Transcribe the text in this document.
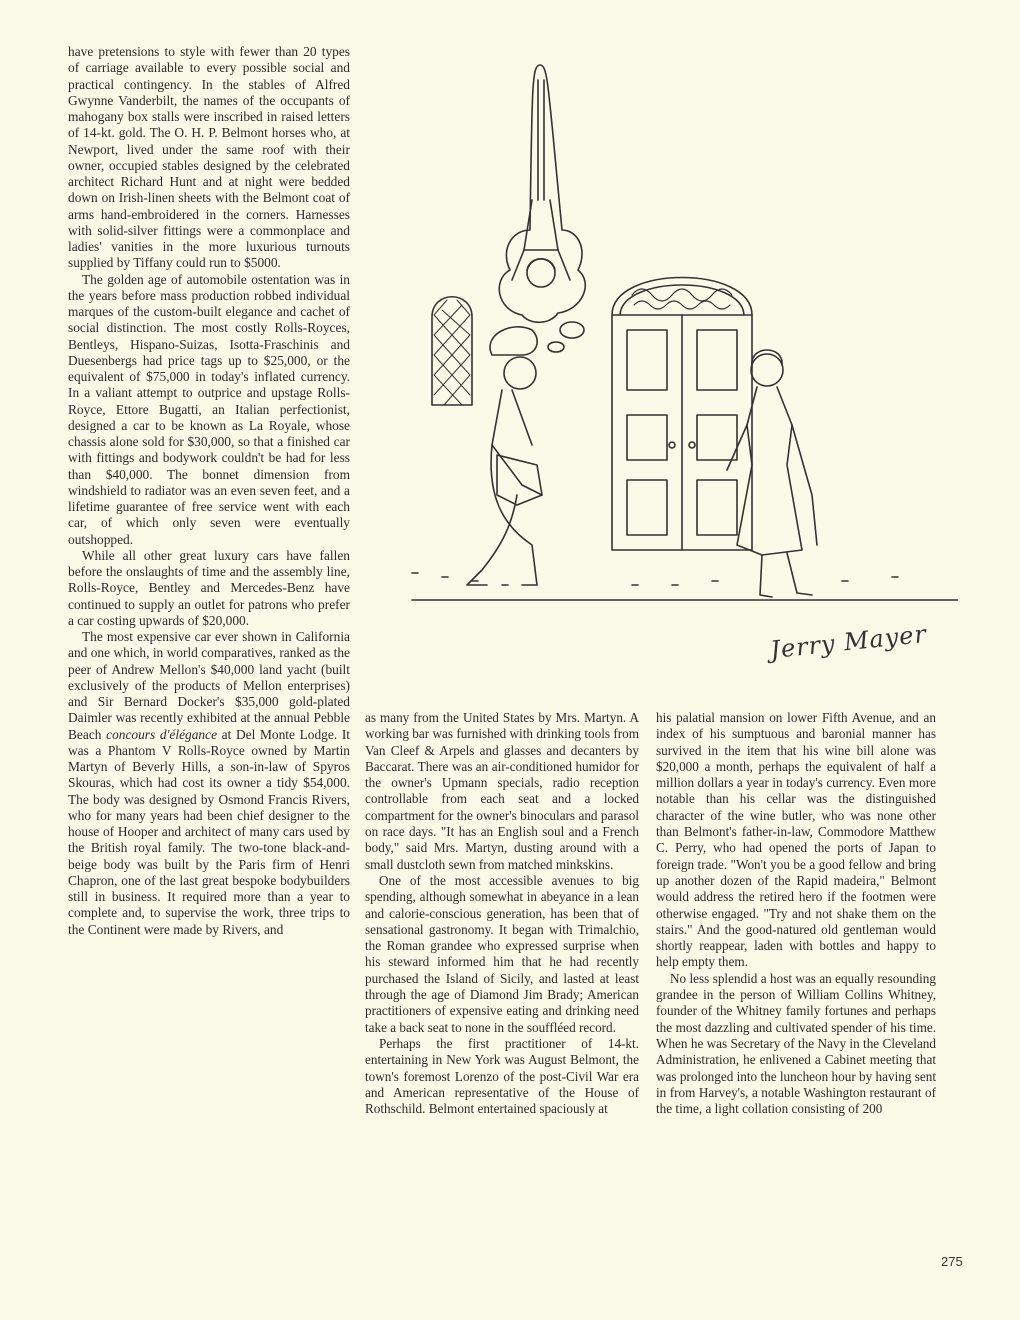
have pretensions to style with fewer than 20 types of carriage available to every possible social and practical contingency. In the stables of Alfred Gwynne Vanderbilt, the names of the occupants of mahogany box stalls were inscribed in raised letters of 14-kt. gold. The O. H. P. Belmont horses who, at Newport, lived under the same roof with their owner, occupied stables designed by the celebrated architect Richard Hunt and at night were bedded down on Irish-linen sheets with the Belmont coat of arms hand-embroidered in the corners. Harnesses with solid-silver fittings were a commonplace and ladies' vanities in the more luxurious turnouts supplied by Tiffany could run to $5000.

The golden age of automobile ostentation was in the years before mass production robbed individual marques of the custom-built elegance and cachet of social distinction. The most costly Rolls-Royces, Bentleys, Hispano-Suizas, Isotta-Fraschinis and Duesenbergs had price tags up to $25,000, or the equivalent of $75,000 in today's inflated currency. In a valiant attempt to outprice and upstage Rolls-Royce, Ettore Bugatti, an Italian perfectionist, designed a car to be known as La Royale, whose chassis alone sold for $30,000, so that a finished car with fittings and bodywork couldn't be had for less than $40,000. The bonnet dimension from windshield to radiator was an even seven feet, and a lifetime guarantee of free service went with each car, of which only seven were eventually outshopped.

While all other great luxury cars have fallen before the onslaughts of time and the assembly line, Rolls-Royce, Bentley and Mercedes-Benz have continued to supply an outlet for patrons who prefer a car costing upwards of $20,000.

The most expensive car ever shown in California and one which, in world comparatives, ranked as the peer of Andrew Mellon's $40,000 land yacht (built exclusively of the products of Mellon enterprises) and Sir Bernard Docker's $35,000 gold-plated Daimler was recently exhibited at the annual Pebble Beach concours d'élégance at Del Monte Lodge. It was a Phantom V Rolls-Royce owned by Martin Martyn of Beverly Hills, a son-in-law of Spyros Skouras, which had cost its owner a tidy $54,000. The body was designed by Osmond Francis Rivers, who for many years had been chief designer to the house of Hooper and architect of many cars used by the British royal family. The two-tone black-and-beige body was built by the Paris firm of Henri Chapron, one of the last great bespoke bodybuilders still in business. It required more than a year to complete and, to supervise the work, three trips to the Continent were made by Rivers, and

Jerry Mayer

as many from the United States by Mrs. Martyn. A working bar was furnished with drinking tools from Van Cleef & Arpels and glasses and decanters by Baccarat. There was an air-conditioned humidor for the owner's Upmann specials, radio reception controllable from each seat and a locked compartment for the owner's binoculars and parasol on race days. "It has an English soul and a French body," said Mrs. Martyn, dusting around with a small dustcloth sewn from matched minkskins.

One of the most accessible avenues to big spending, although somewhat in abeyance in a lean and calorie-conscious generation, has been that of sensational gastronomy. It began with Trimalchio, the Roman grandee who expressed surprise when his steward informed him that he had recently purchased the Island of Sicily, and lasted at least through the age of Diamond Jim Brady; American practitioners of expensive eating and drinking need take a back seat to none in the souffléed record.

Perhaps the first practitioner of 14-kt. entertaining in New York was August Belmont, the town's foremost Lorenzo of the post-Civil War era and American representative of the House of Rothschild. Belmont entertained spaciously at

his palatial mansion on lower Fifth Avenue, and an index of his sumptuous and baronial manner has survived in the item that his wine bill alone was $20,000 a month, perhaps the equivalent of half a million dollars a year in today's currency. Even more notable than his cellar was the distinguished character of the wine butler, who was none other than Belmont's father-in-law, Commodore Matthew C. Perry, who had opened the ports of Japan to foreign trade. "Won't you be a good fellow and bring up another dozen of the Rapid madeira," Belmont would address the retired hero if the footmen were otherwise engaged. "Try and not shake them on the stairs." And the good-natured old gentleman would shortly reappear, laden with bottles and happy to help empty them.

No less splendid a host was an equally resounding grandee in the person of William Collins Whitney, founder of the Whitney family fortunes and perhaps the most dazzling and cultivated spender of his time. When he was Secretary of the Navy in the Cleveland Administration, he enlivened a Cabinet meeting that was prolonged into the luncheon hour by having sent in from Harvey's, a notable Washington restaurant of the time, a light collation consisting of 200

275
